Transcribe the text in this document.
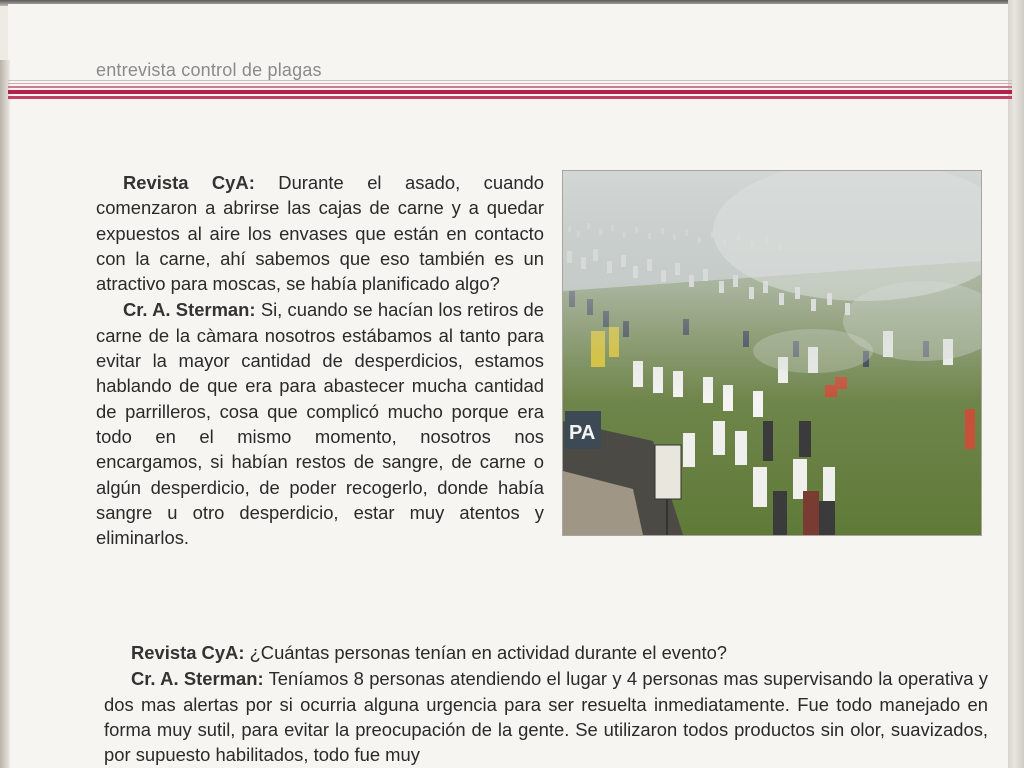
entrevista control de plagas

Revista CyA: Durante el asado, cuando comenzaron a abrirse las cajas de carne y a quedar expuestos al aire los envases que están en contacto con la carne, ahí sabemos que eso también es un atractivo para moscas, se había planificado algo?

Cr. A. Sterman: Si, cuando se hacían los retiros de carne de la càmara nosotros estábamos al tanto para evitar la mayor cantidad de desperdicios, estamos hablando de que era para abastecer mucha cantidad de parrilleros, cosa que complicó mucho porque era todo en el mismo momento, nosotros nos encargamos, si habían restos de sangre, de carne o algún desperdicio, de poder recogerlo, donde había sangre u otro desperdicio, estar muy atentos y eliminarlos.

PA

Revista CyA: ¿Cuántas personas tenían en actividad durante el evento?

Cr. A. Sterman: Teníamos 8 personas atendiendo el lugar y 4 personas mas supervisando la operativa y dos mas alertas por si ocurria alguna urgencia para ser resuelta inmediatamente. Fue todo manejado en forma muy sutil, para evitar la preocupación de la gente. Se utilizaron todos productos sin olor, suavizados, por supuesto habilitados, todo fue muy
